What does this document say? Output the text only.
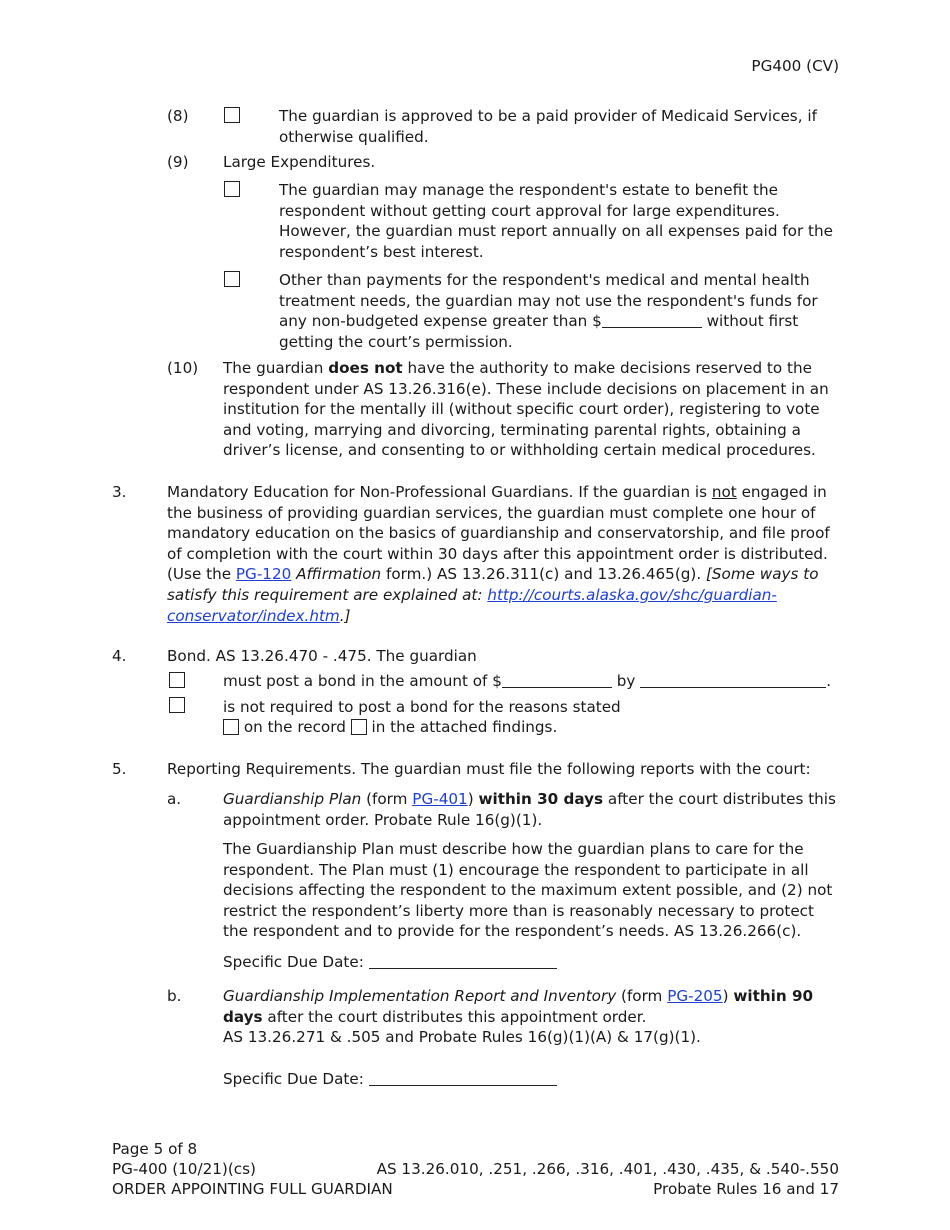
PG400 (CV)
(8)	The guardian is approved to be a paid provider of Medicaid Services, if otherwise qualified.
(9) Large Expenditures.
The guardian may manage the respondent's estate to benefit the respondent without getting court approval for large expenditures. However, the guardian must report annually on all expenses paid for the respondent’s best interest.
Other than payments for the respondent's medical and mental health treatment needs, the guardian may not use the respondent's funds for any non-budgeted expense greater than $	without first getting the court’s permission.
(10) The guardian does not have the authority to make decisions reserved to the respondent under AS 13.26.316(e). These include decisions on placement in an institution for the mentally ill (without specific court order), registering to vote and voting, marrying and divorcing, terminating parental rights, obtaining a driver’s license, and consenting to or withholding certain medical procedures.
3.	Mandatory Education for Non-Professional Guardians. If the guardian is not engaged in the business of providing guardian services, the guardian must complete one hour of mandatory education on the basics of guardianship and conservatorship, and file proof of completion with the court within 30 days after this appointment order is distributed. (Use the PG-120 Affirmation form.) AS 13.26.311(c) and 13.26.465(g). [Some ways to satisfy this requirement are explained at: http://courts.alaska.gov/shc/guardian-conservator/index.htm.]
4.	Bond. AS 13.26.470 - .475. The guardian
must post a bond in the amount of $	by	.
is not required to post a bond for the reasons stated
on the record  in the attached findings.
5.	Reporting Requirements. The guardian must file the following reports with the court:
a.	Guardianship Plan (form PG-401) within 30 days after the court distributes this appointment order. Probate Rule 16(g)(1).
The Guardianship Plan must describe how the guardian plans to care for the respondent. The Plan must (1) encourage the respondent to participate in all decisions affecting the respondent to the maximum extent possible, and (2) not restrict the respondent’s liberty more than is reasonably necessary to protect the respondent and to provide for the respondent’s needs. AS 13.26.266(c).
Specific Due Date:
b.	Guardianship Implementation Report and Inventory (form PG-205) within 90 days after the court distributes this appointment order.
AS 13.26.271 & .505 and Probate Rules 16(g)(1)(A) & 17(g)(1).
Specific Due Date:
Page 5 of 8
PG-400 (10/21)(cs)
ORDER APPOINTING FULL GUARDIAN
AS 13.26.010, .251, .266, .316, .401, .430, .435, & .540-.550
Probate Rules 16 and 17
